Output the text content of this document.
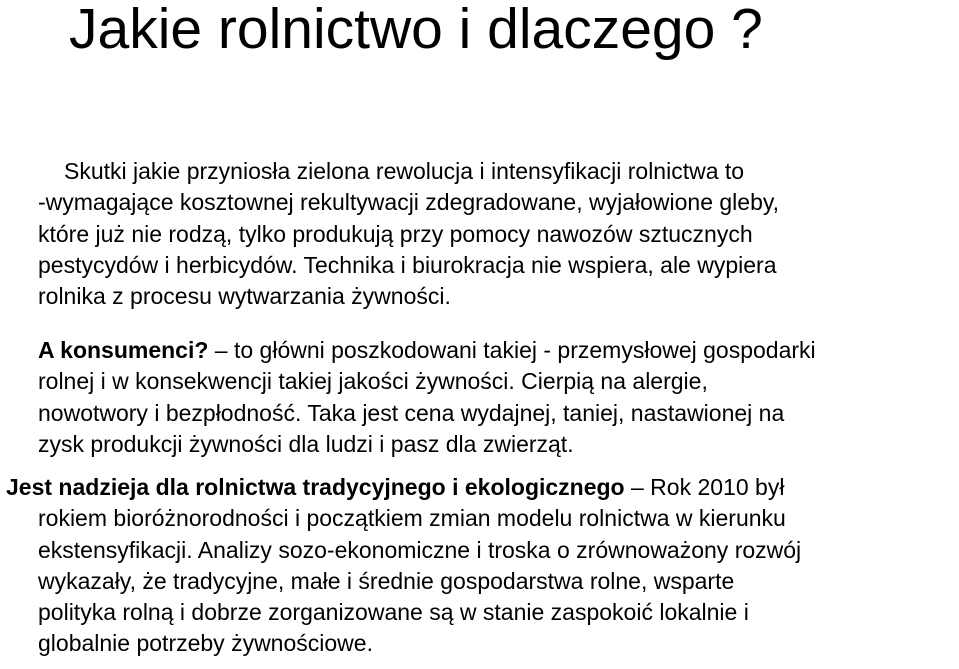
Jakie rolnictwo i dlaczego ?
Skutki jakie przyniosła zielona rewolucja i intensyfikacji rolnictwa to
-wymagające kosztownej rekultywacji zdegradowane, wyjałowione gleby,
które już nie rodzą, tylko produkują przy pomocy nawozów sztucznych
pestycydów i herbicydów. Technika i biurokracja nie wspiera, ale wypiera
rolnika z procesu wytwarzania żywności.
A konsumenci? – to główni poszkodowani takiej - przemysłowej gospodarki
rolnej i w konsekwencji takiej jakości żywności. Cierpią na alergie,
nowotwory i bezpłodność. Taka jest cena wydajnej, taniej, nastawionej na
zysk produkcji żywności dla ludzi i pasz dla zwierząt.
Jest nadzieja dla rolnictwa tradycyjnego i ekologicznego – Rok 2010 był
rokiem bioróżnorodności i początkiem zmian modelu rolnictwa w kierunku
ekstensyfikacji. Analizy sozo-ekonomiczne i troska o zrównoważony rozwój
wykazały, że tradycyjne, małe i średnie gospodarstwa rolne, wsparte
polityka rolną i dobrze zorganizowane są w stanie zaspokoić lokalnie i
globalnie potrzeby żywnościowe.
